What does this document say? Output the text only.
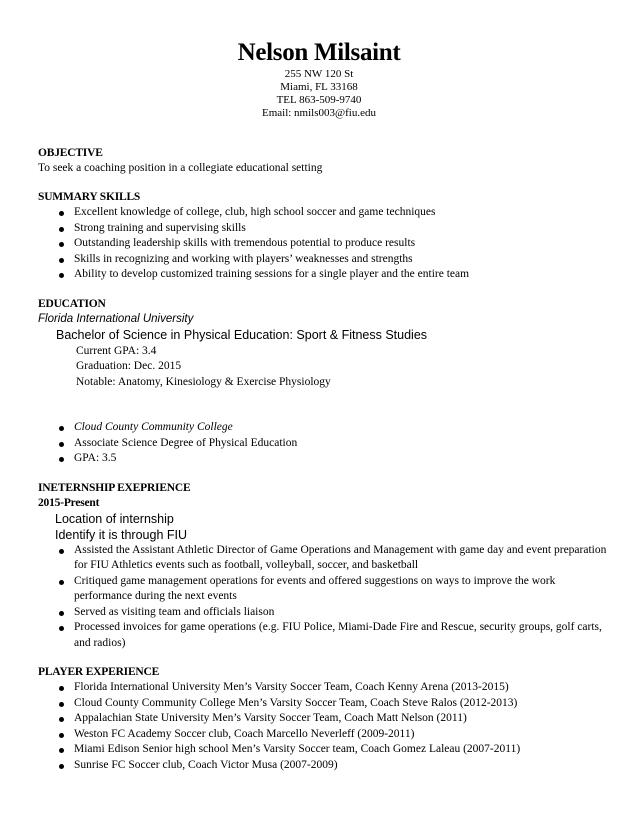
Nelson Milsaint
255 NW 120 St
Miami, FL 33168
TEL 863-509-9740
Email: nmils003@fiu.edu
OBJECTIVE
To seek a coaching position in a collegiate educational setting
SUMMARY SKILLS
Excellent knowledge of college, club, high school soccer and game techniques
Strong training and supervising skills
Outstanding leadership skills with tremendous potential to produce results
Skills in recognizing and working with players’ weaknesses and strengths
Ability to develop customized training sessions for a single player and the entire team
EDUCATION
Florida International University
Bachelor of Science in Physical Education: Sport & Fitness Studies
Current GPA: 3.4
Graduation: Dec. 2015
Notable: Anatomy, Kinesiology & Exercise Physiology
Cloud County Community College
Associate Science Degree of Physical Education
GPA: 3.5
INETERNSHIP EXEPRIENCE
2015-Present
Location of internship
Identify it is through FIU
Assisted the Assistant Athletic Director of Game Operations and Management with game day and event preparation for FIU Athletics events such as football, volleyball, soccer, and basketball
Critiqued game management operations for events and offered suggestions on ways to improve the work performance during the next events
Served as visiting team and officials liaison
Processed invoices for game operations (e.g. FIU Police, Miami-Dade Fire and Rescue, security groups, golf carts, and radios)
PLAYER EXPERIENCE
Florida International University Men’s Varsity Soccer Team, Coach Kenny Arena (2013-2015)
Cloud County Community College Men’s Varsity Soccer Team, Coach Steve Ralos (2012-2013)
Appalachian State University Men’s Varsity Soccer Team, Coach Matt Nelson (2011)
Weston FC Academy Soccer club, Coach Marcello Neverleff (2009-2011)
Miami Edison Senior high school Men’s Varsity Soccer team, Coach Gomez Laleau (2007-2011)
Sunrise FC Soccer club, Coach Victor Musa (2007-2009)
